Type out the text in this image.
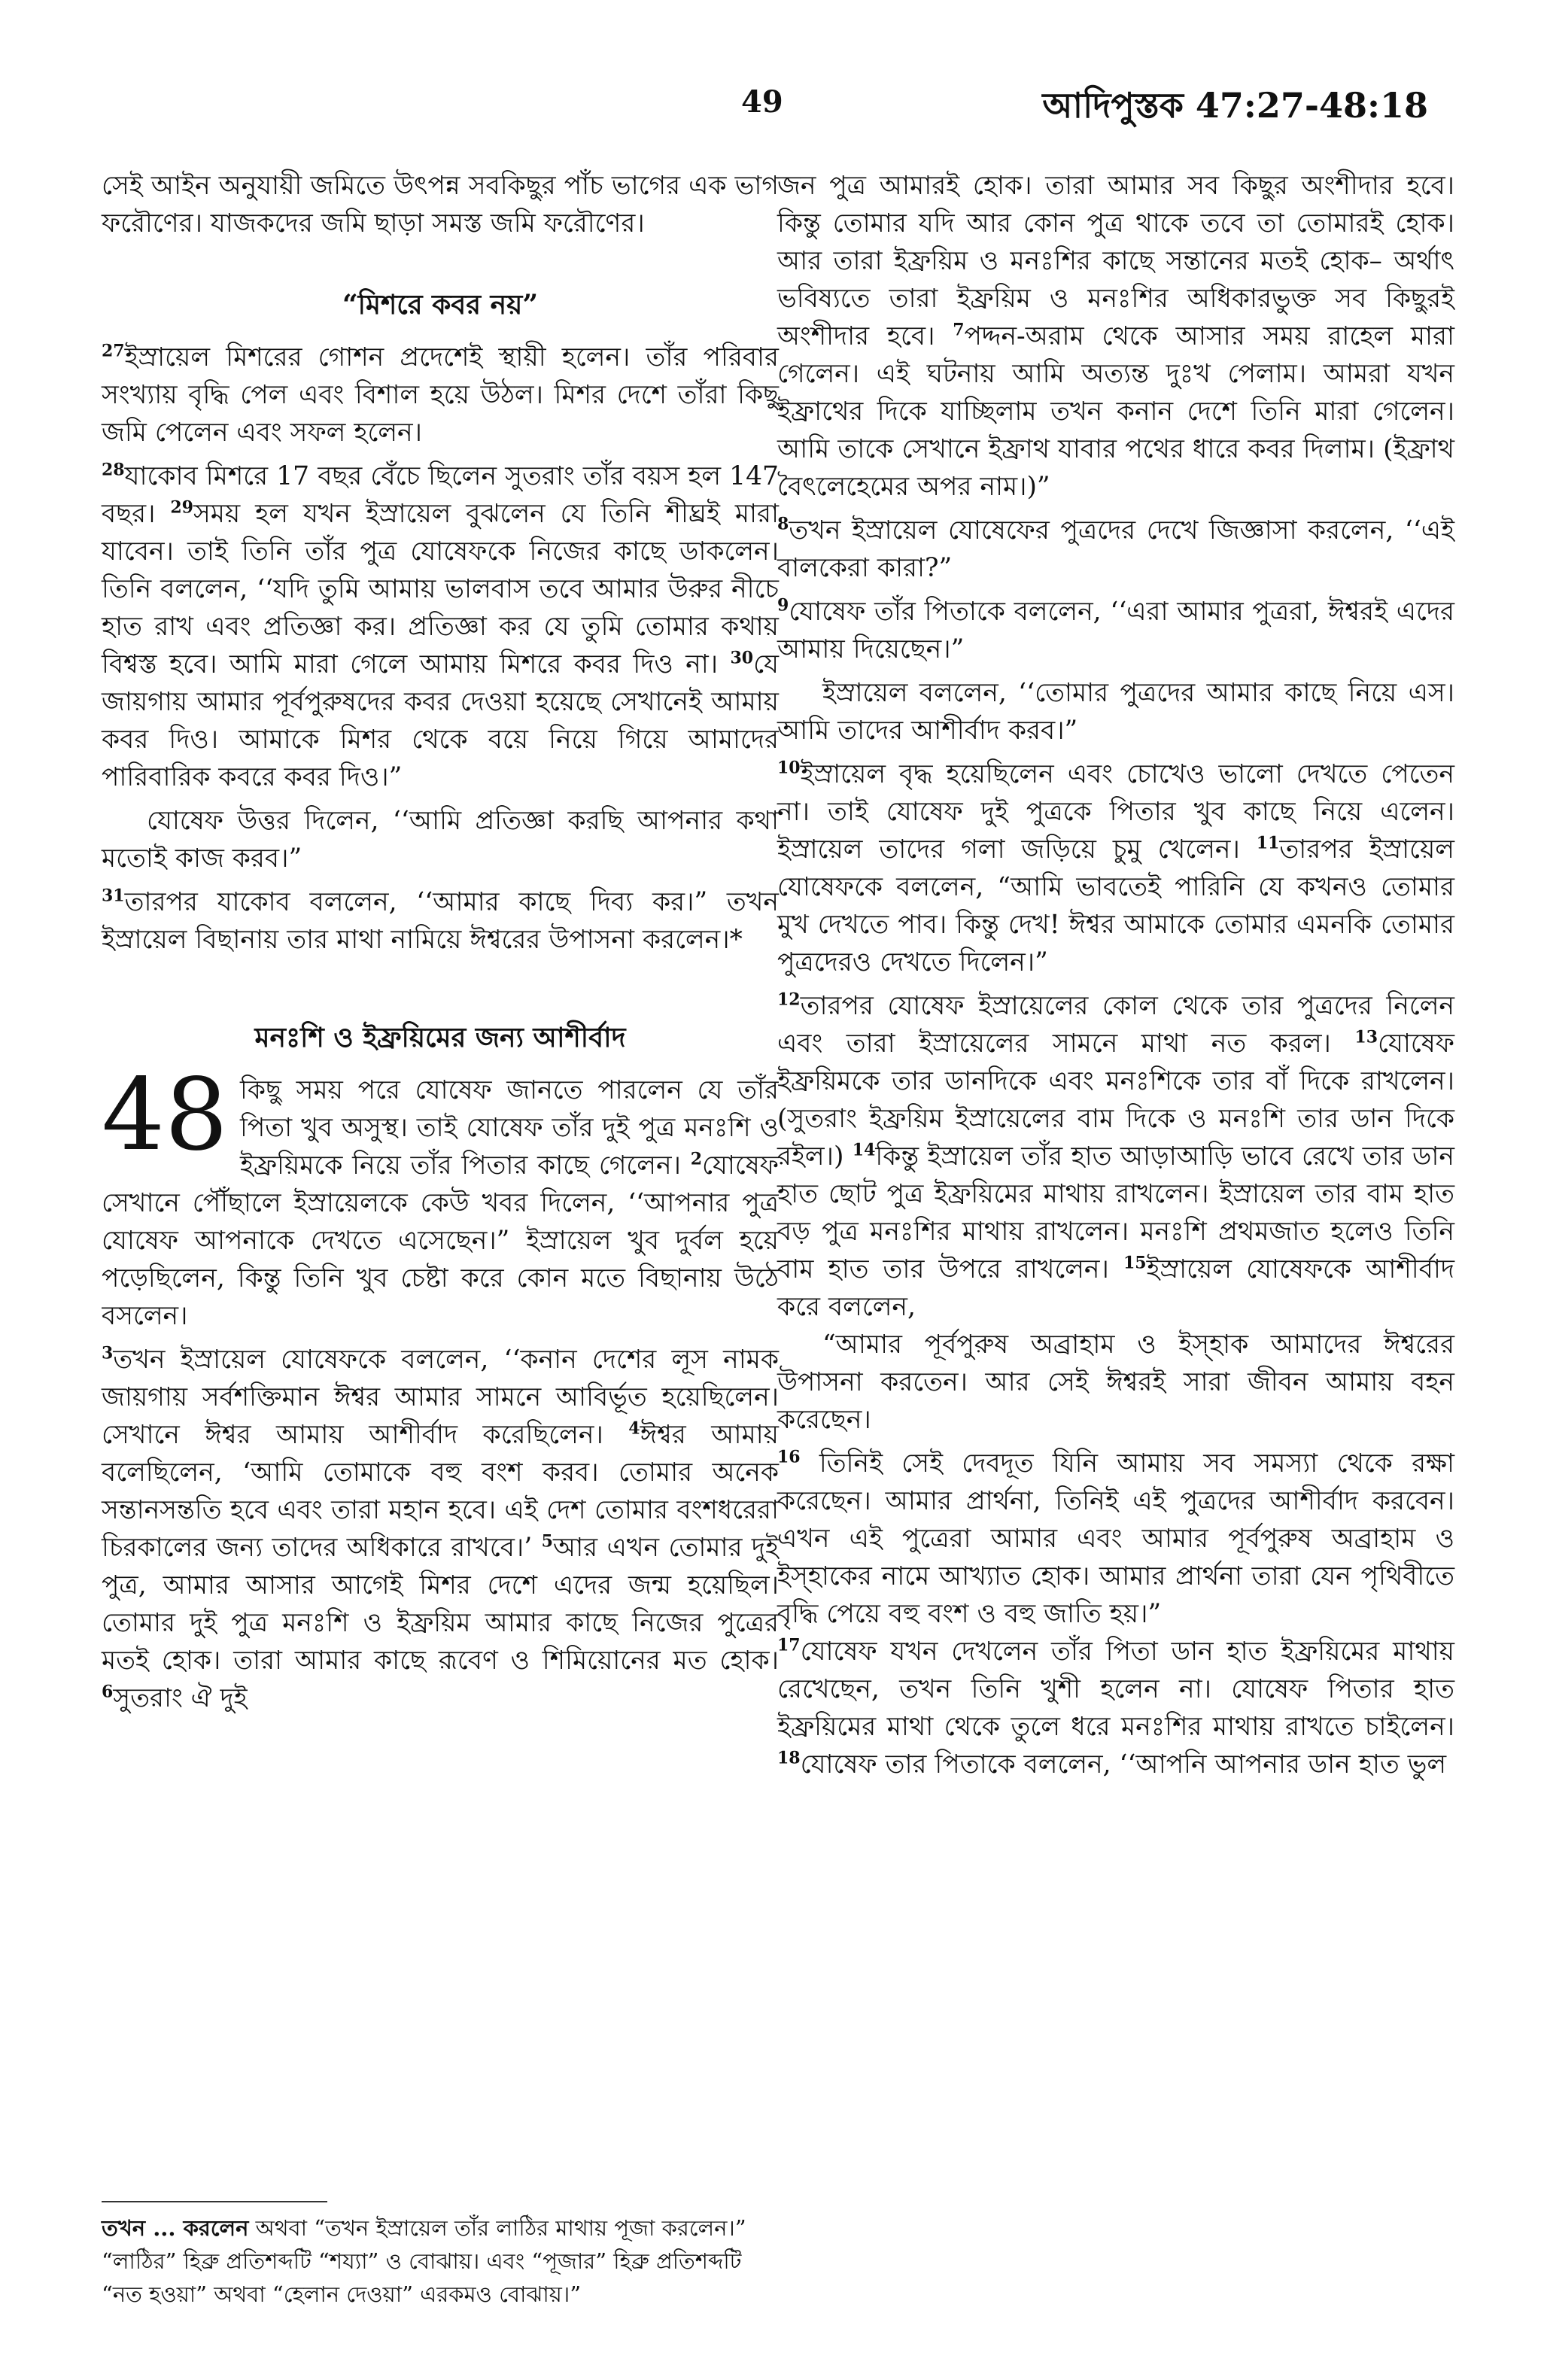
49	আদিপুস্তক 47:27-48:18

সেই আইন অনুযায়ী জমিতে উৎপন্ন সবকিছুর পাঁচ ভাগের এক ভাগ ফরৌণের। যাজকদের জমি ছাড়া সমস্ত জমি ফরৌণের।

“মিশরে কবর নয়”

$^{27}$ইস্রায়েল মিশরের গোশন প্রদেশেই স্থায়ী হলেন। তাঁর পরিবার সংখ্যায় বৃদ্ধি পেল এবং বিশাল হয়ে উঠল। মিশর দেশে তাঁরা কিছু জমি পেলেন এবং সফল হলেন।

$^{28}$যাকোব মিশরে 17 বছর বেঁচে ছিলেন সুতরাং তাঁর বয়স হল 147 বছর। $^{29}$সময় হল যখন ইস্রায়েল বুঝলেন যে তিনি শীঘ্রই মারা যাবেন। তাই তিনি তাঁর পুত্র যোষেফকে নিজের কাছে ডাকলেন। তিনি বললেন, ‘‘যদি তুমি আমায় ভালবাস তবে আমার উরুর নীচে হাত রাখ এবং প্রতিজ্ঞা কর। প্রতিজ্ঞা কর যে তুমি তোমার কথায় বিশ্বস্ত হবে। আমি মারা গেলে আমায় মিশরে কবর দিও না। $^{30}$যে জায়গায় আমার পূর্বপুরুষদের কবর দেওয়া হয়েছে সেখানেই আমায় কবর দিও। আমাকে মিশর থেকে বয়ে নিয়ে গিয়ে আমাদের পারিবারিক কবরে কবর দিও।”

যোষেফ উত্তর দিলেন, ‘‘আমি প্রতিজ্ঞা করছি আপনার কথা মতোই কাজ করব।”

$^{31}$তারপর যাকোব বললেন, ‘‘আমার কাছে দিব্য কর।” তখন ইস্রায়েল বিছানায় তার মাথা নামিয়ে ঈশ্বরের উপাসনা করলেন।*

মনঃশি ও ইফ্রয়িমের জন্য আশীর্বাদ
48 কিছু সময় পরে যোষেফ জানতে পারলেন যে তাঁর পিতা খুব অসুস্থ। তাই যোষেফ তাঁর দুই পুত্র মনঃশি ও ইফ্রয়িমকে নিয়ে তাঁর পিতার কাছে গেলেন। $^2$যোষেফ সেখানে পৌঁছালে ইস্রায়েলকে কেউ খবর দিলেন, ‘‘আপনার পুত্র যোষেফ আপনাকে দেখতে এসেছেন।” ইস্রায়েল খুব দুর্বল হয়ে পড়েছিলেন, কিন্তু তিনি খুব চেষ্টা করে কোন মতে বিছানায় উঠে বসলেন।

$^3$তখন ইস্রায়েল যোষেফকে বললেন, ‘‘কনান দেশের লূস নামক জায়গায় সর্বশক্তিমান ঈশ্বর আমার সামনে আবির্ভূত হয়েছিলেন। সেখানে ঈশ্বর আমায় আশীর্বাদ করেছিলেন। $^4$ঈশ্বর আমায় বলেছিলেন, ‘আমি তোমাকে বহু বংশ করব। তোমার অনেক সন্তানসন্ততি হবে এবং তারা মহান হবে। এই দেশ তোমার বংশধরেরা চিরকালের জন্য তাদের অধিকারে রাখবে।’ $^5$আর এখন তোমার দুই পুত্র, আমার আসার আগেই মিশর দেশে এদের জন্ম হয়েছিল। তোমার দুই পুত্র মনঃশি ও ইফ্রয়িম আমার কাছে নিজের পুত্রের মতই হোক। তারা আমার কাছে রূবেণ ও শিমিয়োনের মত হোক। $^6$সুতরাং ঐ দুই

জন পুত্র আমারই হোক। তারা আমার সব কিছুর অংশীদার হবে। কিন্তু তোমার যদি আর কোন পুত্র থাকে তবে তা তোমারই হোক। আর তারা ইফ্রয়িম ও মনঃশির কাছে সন্তানের মতই হোক– অর্থাৎ ভবিষ্যতে তারা ইফ্রয়িম ও মনঃশির অধিকারভুক্ত সব কিছুরই অংশীদার হবে। $^7$পদ্দন-অরাম থেকে আসার সময় রাহেল মারা গেলেন। এই ঘটনায় আমি অত্যন্ত দুঃখ পেলাম। আমরা যখন ইফ্রাথের দিকে যাচ্ছিলাম তখন কনান দেশে তিনি মারা গেলেন। আমি তাকে সেখানে ইফ্রাথ যাবার পথের ধারে কবর দিলাম। (ইফ্রাথ বৈৎলেহেমের অপর নাম।)”

$^8$তখন ইস্রায়েল যোষেফের পুত্রদের দেখে জিজ্ঞাসা করলেন, ‘‘এই বালকেরা কারা?”

$^9$যোষেফ তাঁর পিতাকে বললেন, ‘‘এরা আমার পুত্ররা, ঈশ্বরই এদের আমায় দিয়েছেন।”

ইস্রায়েল বললেন, ‘‘তোমার পুত্রদের আমার কাছে নিয়ে এস। আমি তাদের আশীর্বাদ করব।”

$^{10}$ইস্রায়েল বৃদ্ধ হয়েছিলেন এবং চোখেও ভালো দেখতে পেতেন না। তাই যোষেফ দুই পুত্রকে পিতার খুব কাছে নিয়ে এলেন। ইস্রায়েল তাদের গলা জড়িয়ে চুমু খেলেন। $^{11}$তারপর ইস্রায়েল যোষেফকে বললেন, “আমি ভাবতেই পারিনি যে কখনও তোমার মুখ দেখতে পাব। কিন্তু দেখ! ঈশ্বর আমাকে তোমার এমনকি তোমার পুত্রদেরও দেখতে দিলেন।”

$^{12}$তারপর যোষেফ ইস্রায়েলের কোল থেকে তার পুত্রদের নিলেন এবং তারা ইস্রায়েলের সামনে মাথা নত করল। $^{13}$যোষেফ ইফ্রয়িমকে তার ডানদিকে এবং মনঃশিকে তার বাঁ দিকে রাখলেন। (সুতরাং ইফ্রয়িম ইস্রায়েলের বাম দিকে ও মনঃশি তার ডান দিকে রইল।) $^{14}$কিন্তু ইস্রায়েল তাঁর হাত আড়াআড়ি ভাবে রেখে তার ডান হাত ছোট পুত্র ইফ্রয়িমের মাথায় রাখলেন। ইস্রায়েল তার বাম হাত বড় পুত্র মনঃশির মাথায় রাখলেন। মনঃশি প্রথমজাত হলেও তিনি বাম হাত তার উপরে রাখলেন। $^{15}$ইস্রায়েল যোষেফকে আশীর্বাদ করে বললেন,

“আমার পূর্বপুরুষ অব্রাহাম ও ইস্হাক আমাদের ঈশ্বরের উপাসনা করতেন। আর সেই ঈশ্বরই সারা জীবন আমায় বহন করেছেন।

$^{16}$ তিনিই সেই দেবদূত যিনি আমায় সব সমস্যা থেকে রক্ষা করেছেন। আমার প্রার্থনা, তিনিই এই পুত্রদের আশীর্বাদ করবেন। এখন এই পুত্রেরা আমার এবং আমার পূর্বপুরুষ অব্রাহাম ও ইস্হাকের নামে আখ্যাত হোক। আমার প্রার্থনা তারা যেন পৃথিবীতে বৃদ্ধি পেয়ে বহু বংশ ও বহু জাতি হয়।”

$^{17}$যোষেফ যখন দেখলেন তাঁর পিতা ডান হাত ইফ্রয়িমের মাথায় রেখেছেন, তখন তিনি খুশী হলেন না। যোষেফ পিতার হাত ইফ্রয়িমের মাথা থেকে তুলে ধরে মনঃশির মাথায় রাখতে চাইলেন। $^{18}$যোষেফ তার পিতাকে বললেন, ‘‘আপনি আপনার ডান হাত ভুল

তখন ... করলেন অথবা “তখন ইস্রায়েল তাঁর লাঠির মাথায় পূজা করলেন।” “লাঠির” হিব্রু প্রতিশব্দটি “শয্যা” ও বোঝায়। এবং “পূজার” হিব্রু প্রতিশব্দটি “নত হওয়া” অথবা “হেলান দেওয়া” এরকমও বোঝায়।”
